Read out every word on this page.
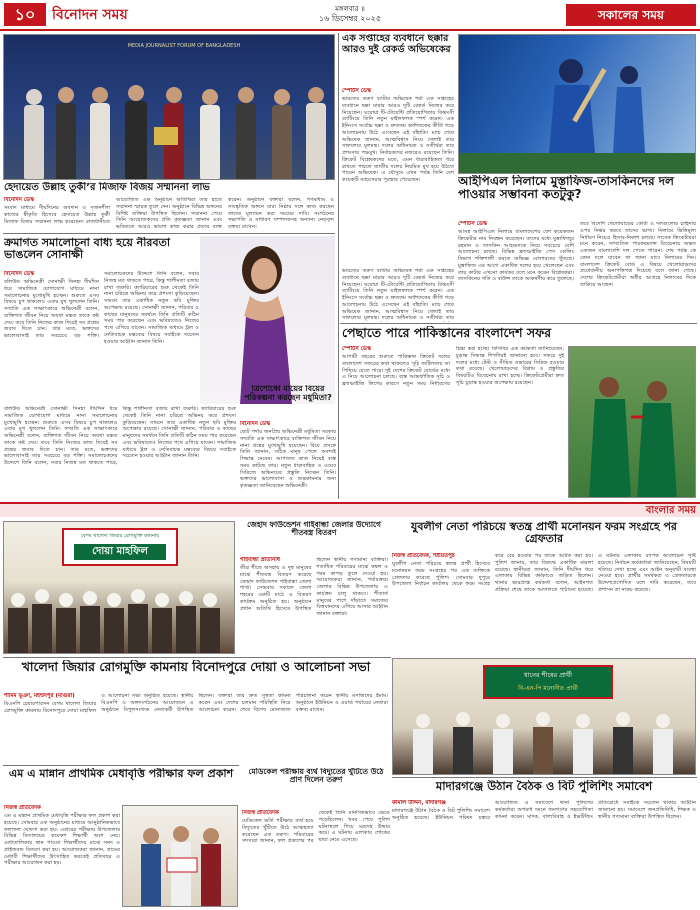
১০	বিনোদন সময়	মঙ্গলবার ॥
১৬ ডিসেম্বর ২০২৫	সকালের সময়
MEDIA JOURNALIST FORUM OF BANGLADESH
হেদায়েত উল্লাহ তুর্কী’র মিজাফ বিজয় সম্মাননা লাভ
বিনোদন ডেস্ক
সংবাদ মাধ্যমে দীর্ঘদিনের অবদান ও সৃজনশীল কাজের স্বীকৃতি হিসেবে হেদায়েত উল্লাহ তুর্কী মিজাফ বিজয় সম্মাননা লাভ করেছেন। রাজধানীতে আয়োজিত এক অনুষ্ঠানে অতিথিরা তার হাতে সম্মাননা স্মারক তুলে দেন। অনুষ্ঠানে বিভিন্ন অঙ্গনের বিশিষ্ট ব্যক্তিরা উপস্থিত ছিলেন। সম্মাননা পেয়ে তিনি আয়োজকদের প্রতি কৃতজ্ঞতা জানান এবং ভবিষ্যতে আরও ভালো কাজ করার প্রত্যয় ব্যক্ত করেন। অনুষ্ঠানে বক্তারা বলেন, গণমাধ্যম ও সাংস্কৃতিক অঙ্গনে যারা নিষ্ঠার সঙ্গে কাজ করছেন তাদের মূল্যায়ন করা সময়ের দাবি। সংগঠনের সভাপতি ও সাধারণ সম্পাদকসহ অন্যান্য নেতৃবৃন্দ বক্তব্য রাখেন।
ক্রমাগত সমালোচনা বাধ্য হয়ে নীরবতা ভাঙলেন সোনাক্ষী
বিনোদন ডেস্ক
বলিউড অভিনেত্রী সোনাক্ষী সিনহা দীর্ঘদিন ধরে সামাজিক যোগাযোগ মাধ্যমে নানা সমালোচনার মুখোমুখি হচ্ছেন। শুরুতে এসব বিষয়ে চুপ থাকলেও এবার মুখ খুললেন তিনি। সম্প্রতি এক সাক্ষাৎকারে অভিনেত্রী বলেন, ব্যক্তিগত জীবন নিয়ে অযথা মন্তব্য তাকে কষ্ট দেয়। তবে তিনি নিজের কাজ দিয়েই সব প্রশ্নের জবাব দিতে চান। তার মতে, ভক্তদের ভালোবাসাই তার সবচেয়ে বড় শক্তি। সমালোচকদের উদ্দেশে তিনি বলেন, সবার নিজস্ব মত থাকতে পারে, কিন্তু শালীনতা বজায় রাখা জরুরি। ক্যারিয়ারের শুরু থেকেই তিনি নানা চরিত্রে অভিনয় করে প্রশংসা কুড়িয়েছেন। সামনে তার একাধিক নতুন ছবি মুক্তির অপেক্ষায় রয়েছে। সোনাক্ষী জানান, পরিবার ও কাছের মানুষদের সমর্থনে তিনি প্রতিটি কঠিন সময় পার করেছেন এবং ভবিষ্যতেও নিজের পথে এগিয়ে যাবেন। সামাজিক মাধ্যমে ট্রল ও নেতিবাচক মন্তব্যের বিষয়ে সবাইকে সচেতন হওয়ার আহ্বান জানান তিনি।
ত্রিশোর্ধ্বে মায়ের বিয়ের পরিকল্পনা করছেন মধুমিতা?
বিনোদন ডেস্ক
ছোট পর্দার জনপ্রিয় অভিনেত্রী মধুমিতা সরকার সম্প্রতি এক সাক্ষাৎকারে ব্যক্তিগত জীবন নিয়ে নানা প্রশ্নের মুখোমুখি হয়েছেন। বিয়ে প্রসঙ্গে তিনি জানান, সঠিক মানুষ পেলে অবশ্যই সিদ্ধান্ত নেবেন। আপাতত কাজ নিয়েই ব্যস্ত সময় কাটছে তার। নতুন ধারাবাহিক ও ওয়েব সিরিজে অভিনয়ের প্রস্তুতি নিচ্ছেন তিনি। ভক্তদের ভালোবাসা ও শুভকামনার জন্য কৃতজ্ঞতা জানিয়েছেন অভিনেত্রী।
বলিউড অভিনেত্রী সোনাক্ষী সিনহা দীর্ঘদিন ধরে সামাজিক যোগাযোগ মাধ্যমে নানা সমালোচনার মুখোমুখি হচ্ছেন। শুরুতে এসব বিষয়ে চুপ থাকলেও এবার মুখ খুললেন তিনি। সম্প্রতি এক সাক্ষাৎকারে অভিনেত্রী বলেন, ব্যক্তিগত জীবন নিয়ে অযথা মন্তব্য তাকে কষ্ট দেয়। তবে তিনি নিজের কাজ দিয়েই সব প্রশ্নের জবাব দিতে চান। তার মতে, ভক্তদের ভালোবাসাই তার সবচেয়ে বড় শক্তি। সমালোচকদের উদ্দেশে তিনি বলেন, সবার নিজস্ব মত থাকতে পারে, কিন্তু শালীনতা বজায় রাখা জরুরি। ক্যারিয়ারের শুরু থেকেই তিনি নানা চরিত্রে অভিনয় করে প্রশংসা কুড়িয়েছেন। সামনে তার একাধিক নতুন ছবি মুক্তির অপেক্ষায় রয়েছে। সোনাক্ষী জানান, পরিবার ও কাছের মানুষদের সমর্থনে তিনি প্রতিটি কঠিন সময় পার করেছেন এবং ভবিষ্যতেও নিজের পথে এগিয়ে যাবেন। সামাজিক মাধ্যমে ট্রল ও নেতিবাচক মন্তব্যের বিষয়ে সবাইকে সচেতন হওয়ার আহ্বান জানান তিনি।
এক সপ্তাহের ব্যবধানে ছক্কার আরও দুই রেকর্ড অভিষেকের
স্পোর্টস ডেস্ক
ভারতের তরুণ ব্যাটার অভিষেক শর্মা এক সপ্তাহের ব্যবধানে ছক্কা মারার আরও দুটি রেকর্ড নিজের করে নিয়েছেন। ঘরোয়া টি-টোয়েন্টি প্রতিযোগিতায় বিধ্বংসী ব্যাটিংয়ে তিনি নতুন মাইলফলক স্পর্শ করেন। এক ইনিংসে সর্বোচ্চ ছক্কা ও দ্রুততম অর্ধশতকের কীর্তি গড়ে আলোচনায় উঠে এসেছেন এই বাঁহাতি। ম্যাচ শেষে অভিষেক জানান, আত্মবিশ্বাস নিয়ে খেলাই তার সাফল্যের মূলমন্ত্র। দলের অধিনায়ক ও সতীর্থরা তার প্রশংসায় পঞ্চমুখ। নির্বাচকদের নজরেও রয়েছেন তিনি। ক্রিকেট বিশ্লেষকদের মতে, এমন ধারাবাহিকতা ধরে রাখতে পারলে জাতীয় দলের নিয়মিত মুখ হয়ে উঠতে পারেন অভিষেক। এ মৌসুমে এখন পর্যন্ত তিনি বেশ কয়েকটি ম্যাচসেরার পুরস্কার পেয়েছেন।	আইপিএল নিলামে মুস্তাফিজ-তাসকিনদের দল পাওয়ার সম্ভাবনা কতটুকু?
স্পোর্টস ডেস্ক
আসন্ন আইপিএল নিলামে বাংলাদেশের বেশ কয়েকজন ক্রিকেটার নাম নিবন্ধন করেছেন। তাদের মধ্যে মুস্তাফিজুর রহমান ও তাসকিন আহমেদকে নিয়ে সবচেয়ে বেশি আলোচনা চলছে। বিভিন্ন ফ্র্যাঞ্চাইজি পেস বোলিং বিভাগ শক্তিশালী করতে অভিজ্ঞ বোলারদের খুঁজছে। মুস্তাফিজ এর আগে একাধিক দলের হয়ে খেলেছেন এবং তার কাটার এখনো কার্যকর বলে মনে করেন বিশ্লেষকরা। তাসকিনের গতি ও বাউন্স তাকে আকর্ষণীয় করে তুলেছে। তবে বিদেশি খেলোয়াড়ের কোটা ও দলগুলোর চাহিদার ওপর নির্ভর করবে তাদের ভাগ্য। নিলামে ভিত্তিমূল্য নির্ধারণ নিয়েও হিসাব-নিকাশ চলছে। সাবেক ক্রিকেটাররা মনে করেন, সাম্প্রতিক পারফরম্যান্স বিবেচনায় অন্তত একজন বাংলাদেশি দল পেতে পারেন। শেষ পর্যন্ত কে কোন দলে যাবেন তা জানা যাবে নিলামের দিন। বাংলাদেশ ক্রিকেট বোর্ড এ বিষয়ে খেলোয়াড়দের প্রয়োজনীয় অনাপত্তিপত্র দিয়েছে বলে জানা গেছে। দেশের ক্রিকেটপ্রেমীরা অধীর আগ্রহে নিলামের দিকে তাকিয়ে আছেন।
ভারতের তরুণ ব্যাটার অভিষেক শর্মা এক সপ্তাহের ব্যবধানে ছক্কা মারার আরও দুটি রেকর্ড নিজের করে নিয়েছেন। ঘরোয়া টি-টোয়েন্টি প্রতিযোগিতায় বিধ্বংসী ব্যাটিংয়ে তিনি নতুন মাইলফলক স্পর্শ করেন। এক ইনিংসে সর্বোচ্চ ছক্কা ও দ্রুততম অর্ধশতকের কীর্তি গড়ে আলোচনায় উঠে এসেছেন এই বাঁহাতি। ম্যাচ শেষে অভিষেক জানান, আত্মবিশ্বাস নিয়ে খেলাই তার সাফল্যের মূলমন্ত্র। দলের অধিনায়ক ও সতীর্থরা তার
পেছাতে পারে পাকিস্তানের বাংলাদেশ সফর
স্পোর্টস ডেস্ক
আগামী বছরের শুরুতে পাকিস্তান ক্রিকেট দলের বাংলাদেশ সফরের কথা থাকলেও সূচি জটিলতায় তা পিছিয়ে যেতে পারে। দুই দেশের ক্রিকেট বোর্ডের মধ্যে এ নিয়ে আলোচনা চলছে। ব্যস্ত আন্তর্জাতিক সূচি ও ফ্র্যাঞ্চাইজি লিগের কারণে নতুন সময় নির্ধারণের চিন্তা করা হচ্ছে। বিসিবির এক কর্মকর্তা জানিয়েছেন, চূড়ান্ত সিদ্ধান্ত শিগগিরই জানানো হবে। সফরে দুই দলের মধ্যে টেস্ট ও সীমিত ওভারের সিরিজ হওয়ার কথা রয়েছে। খেলোয়াড়দের বিশ্রাম ও প্রস্তুতির বিষয়টিও বিবেচনায় রাখা হচ্ছে। ক্রিকেটপ্রেমীরা দ্রুত সূচি চূড়ান্ত হওয়ার অপেক্ষায় রয়েছেন।
বাংলার সময়
জেহাদ ফাউন্ডেশন গাইবান্ধা জেলার উদ্যোগে শীতবস্ত্র বিতরণ
বেগম খালেদা জিয়ার রোগমুক্তি কামনায়
দোয়া মাহফিল
গাইবান্ধা প্রতিনিধি
তীব্র শীতে অসহায় ও দুস্থ মানুষের মাঝে শীতবস্ত্র বিতরণ করেছে জেহাদ ফাউন্ডেশন গাইবান্ধা জেলা শাখা। সোমবার সকালে জেলা শহরের একটি মাঠে এ বিতরণ কার্যক্রম অনুষ্ঠিত হয়। অনুষ্ঠানে প্রধান অতিথি হিসেবে উপস্থিত ছিলেন স্থানীয় গণ্যমান্য ব্যক্তিরা। শতাধিক পরিবারের মাঝে কম্বল ও গরম কাপড় তুলে দেওয়া হয়। আয়োজকরা জানান, পর্যায়ক্রমে জেলার বিভিন্ন উপজেলায় এ কার্যক্রম চালু থাকবে। শীতার্ত মানুষের পাশে দাঁড়াতে সমাজের বিত্তবানদের এগিয়ে আসার আহ্বান জানান বক্তারা।
যুবলীগ নেতা পরিচয়ে স্বতন্ত্র প্রার্থী মনোনয়ন ফরম সংগ্রহে পর গ্রেফতার
নিজস্ব প্রতিবেদক, শরীয়তপুর
যুবলীগ নেতা পরিচয়ে স্বতন্ত্র প্রার্থী হিসেবে মনোনয়ন ফরম সংগ্রহের পর এক ব্যক্তিকে গ্রেফতার করেছে পুলিশ। সোমবার দুপুরে উপজেলা নির্বাচন কার্যালয় থেকে ফরম সংগ্রহ করে বের হওয়ার পর তাকে আটক করা হয়। পুলিশ জানায়, তার বিরুদ্ধে একাধিক মামলা রয়েছে। স্থানীয়রা জানান, তিনি দীর্ঘদিন ধরে এলাকায় বিভিন্ন কর্মকাণ্ডে জড়িত ছিলেন। থানার ভারপ্রাপ্ত কর্মকর্তা বলেন, আইনগত প্রক্রিয়া শেষে তাকে আদালতে পাঠানো হয়েছে। এ ঘটনায় এলাকায় ব্যাপক আলোচনা সৃষ্টি হয়েছে। নির্বাচন কর্মকর্তারা জানিয়েছেন, বিষয়টি খতিয়ে দেখা হচ্ছে এবং আইন অনুযায়ী ব্যবস্থা নেওয়া হবে। প্রার্থীর সমর্থকরা এ গ্রেফতারকে উদ্দেশ্যপ্রণোদিত বলে দাবি করেছেন, তবে প্রশাসন তা নাকচ করেছে।
খালেদা জিয়ার রোগমুক্তি কামনায় বিনোদপুরে দোয়া ও আলোচনা সভা
শামিম ভূঞা, মহম্মদপুর (মাগুরা)
বিএনপি চেয়ারপারসন বেগম খালেদা জিয়ার রোগমুক্তি কামনায় বিনোদপুরে দোয়া মাহফিল ও আলোচনা সভা অনুষ্ঠিত হয়েছে। স্থানীয় বিএনপি ও অঙ্গসংগঠনের আয়োজনে এ অনুষ্ঠানে বিপুলসংখ্যক নেতাকর্মী উপস্থিত ছিলেন। বক্তারা তার দ্রুত সুস্থতা কামনা করেন এবং দেশের চলমান পরিস্থিতি নিয়ে আলোচনা করেন। শেষে বিশেষ মোনাজাত পরিচালনা করেন স্থানীয় মসজিদের ইমাম। অনুষ্ঠানে ইউনিয়ন ও ওয়ার্ড পর্যায়ের নেতারা বক্তব্য রাখেন।
ধানের শীষের প্রার্থী
বি-এন-পি মনোনীত প্রার্থী
এম এ মান্নান প্রাথমিক মেধাবৃত্তি পরীক্ষার ফল প্রকাশ
নিজস্ব প্রতিবেদক
এম এ মান্নান প্রাথমিক মেধাবৃত্তি পরীক্ষার ফল প্রকাশ করা হয়েছে। সোমবার এক অনুষ্ঠানের মাধ্যমে আনুষ্ঠানিকভাবে ফলাফল ঘোষণা করা হয়। এবারের পরীক্ষায় উপজেলার বিভিন্ন বিদ্যালয়ের কয়েকশ শিক্ষার্থী অংশ নেয়। মেধাতালিকায় স্থান পাওয়া শিক্ষার্থীদের মাঝে সনদ ও প্রাইজবন্ড বিতরণ করা হয়। আয়োজকরা জানান, গ্রামের মেধাবী শিক্ষার্থীদের উৎসাহিত করতেই প্রতিবছর এ পরীক্ষার আয়োজন করা হয়।
মেডিকেল পরীক্ষায় ব্যর্থ বিদ্যুতের খুঁটিতে উঠে প্রাণ দিলেন তরুণ
নিজস্ব প্রতিবেদক
মেডিকেল ভর্তি পরীক্ষায় ব্যর্থ হয়ে বিদ্যুতের খুঁটিতে উঠে আত্মহত্যা করেছেন এক তরুণ। পরিবারের সদস্যরা জানান, ফল প্রকাশের পর থেকেই তিনি মানসিকভাবে ভেঙে পড়েছিলেন। খবর পেয়ে পুলিশ ঘটনাস্থলে গিয়ে মরদেহ উদ্ধার করে। এ ঘটনায় এলাকায় শোকের ছায়া নেমে এসেছে।
মাদারগঞ্জে উঠান বৈঠক ও বিট পুলিশিং সমাবেশ
কামাল উদ্দিন, মাদারগঞ্জ
মাদারগঞ্জে উঠান বৈঠক ও বিট পুলিশিং সমাবেশ অনুষ্ঠিত হয়েছে। ইউনিয়ন পরিষদ চত্বরে আয়োজিত এ সমাবেশে থানা পুলিশের কর্মকর্তারা অপরাধ দমনে জনগণের সহযোগিতা কামনা করেন। মাদক, বাল্যবিবাহ ও ইভটিজিং প্রতিরোধে সবাইকে সচেতন থাকার আহ্বান জানানো হয়। সমাবেশে জনপ্রতিনিধি, শিক্ষক ও স্থানীয় গণ্যমান্য ব্যক্তিরা উপস্থিত ছিলেন।
